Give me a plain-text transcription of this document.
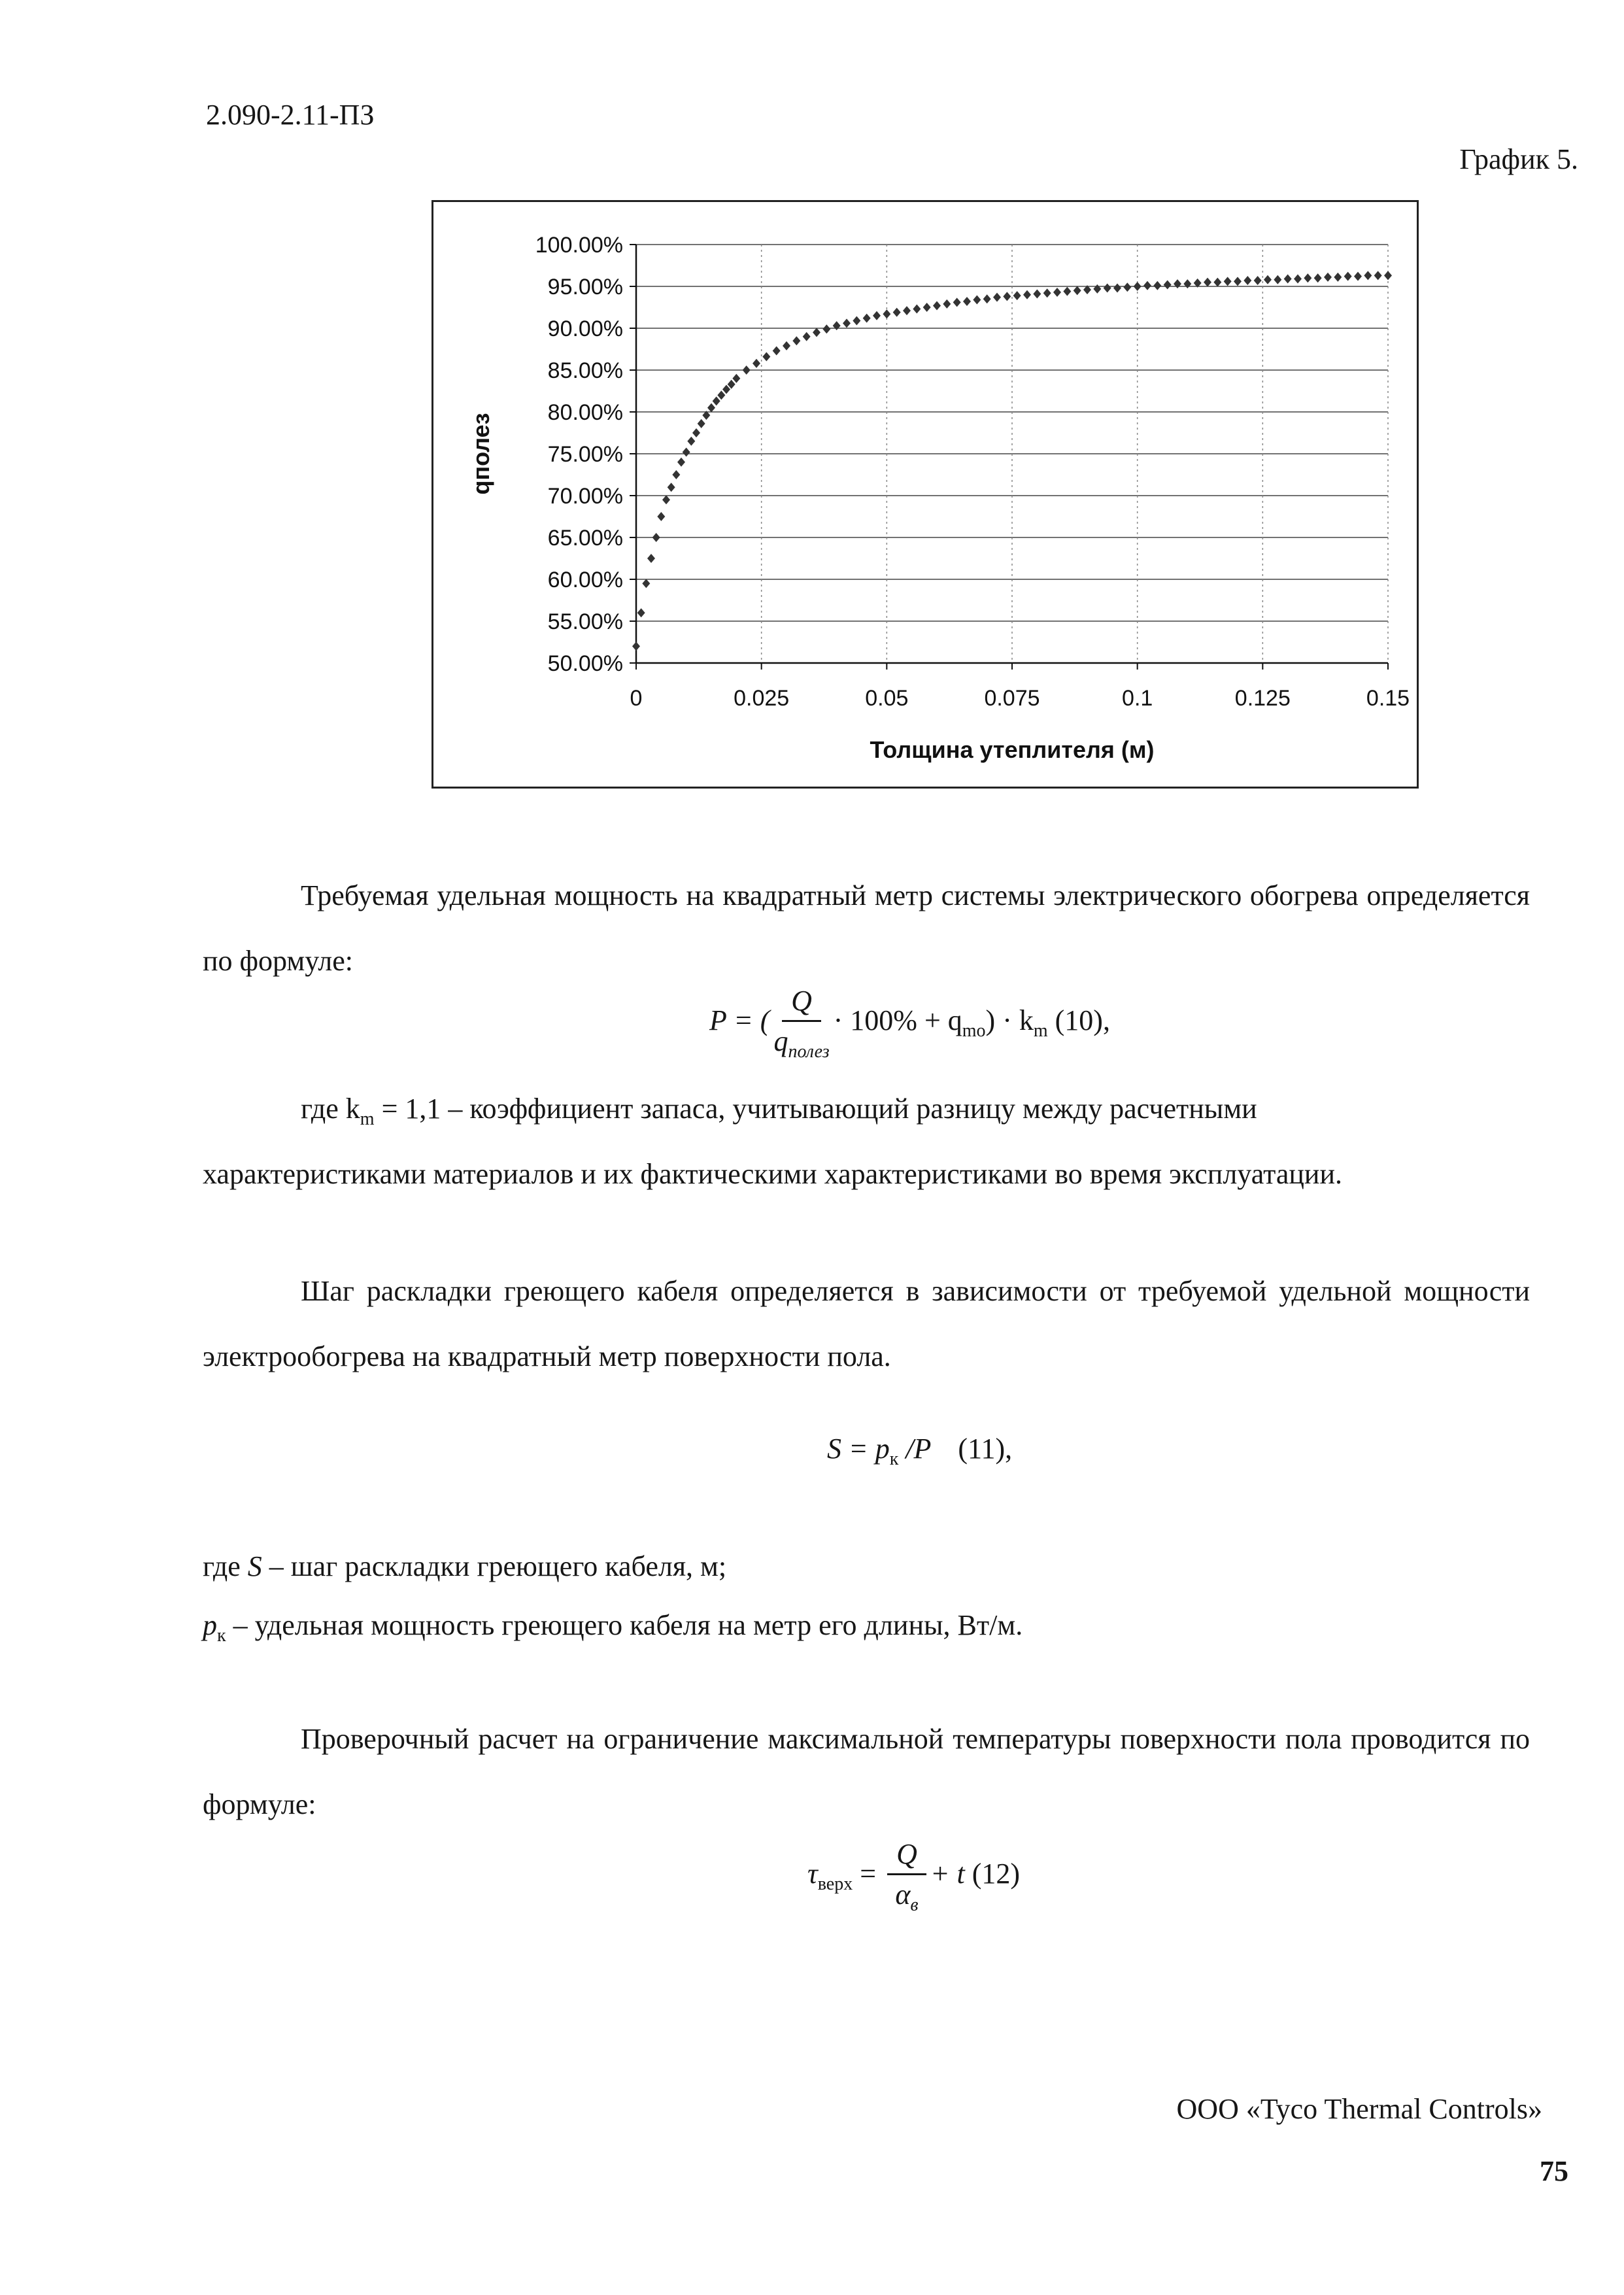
2.090-2.11-ПЗ
График 5.
50.00%
55.00%
60.00%
65.00%
70.00%
75.00%
80.00%
85.00%
90.00%
95.00%
100.00%
0	0.025	0.05	0.075	0.1	0.125	0.15
Толщина утеплителя (м)
qполез
Требуемая удельная мощность на квадратный метр системы электрического обогрева определяется по формуле:
P = ( $\frac{Q}{q_{полез}} \cdot 100\% + q_{mo}) \cdot k_m$ (10),
где $k_m = 1,1$ – коэффициент запаса, учитывающий разницу между расчетными
характеристиками материалов и их фактическими характеристиками во время эксплуатации.
Шаг раскладки греющего кабеля определяется в зависимости от требуемой удельной мощности электрообогрева на квадратный метр поверхности пола.
$S = p_к$ /P (11),
где S – шаг раскладки греющего кабеля, м;
$p_к$ – удельная мощность греющего кабеля на метр его длины, Вт/м.
Проверочный расчет на ограничение максимальной температуры поверхности пола проводится по формуле:
$\tau_{верх} = \frac{Q}{\alpha_в} + t$ (12)
ООО «Tyco Thermal Controls»
75
